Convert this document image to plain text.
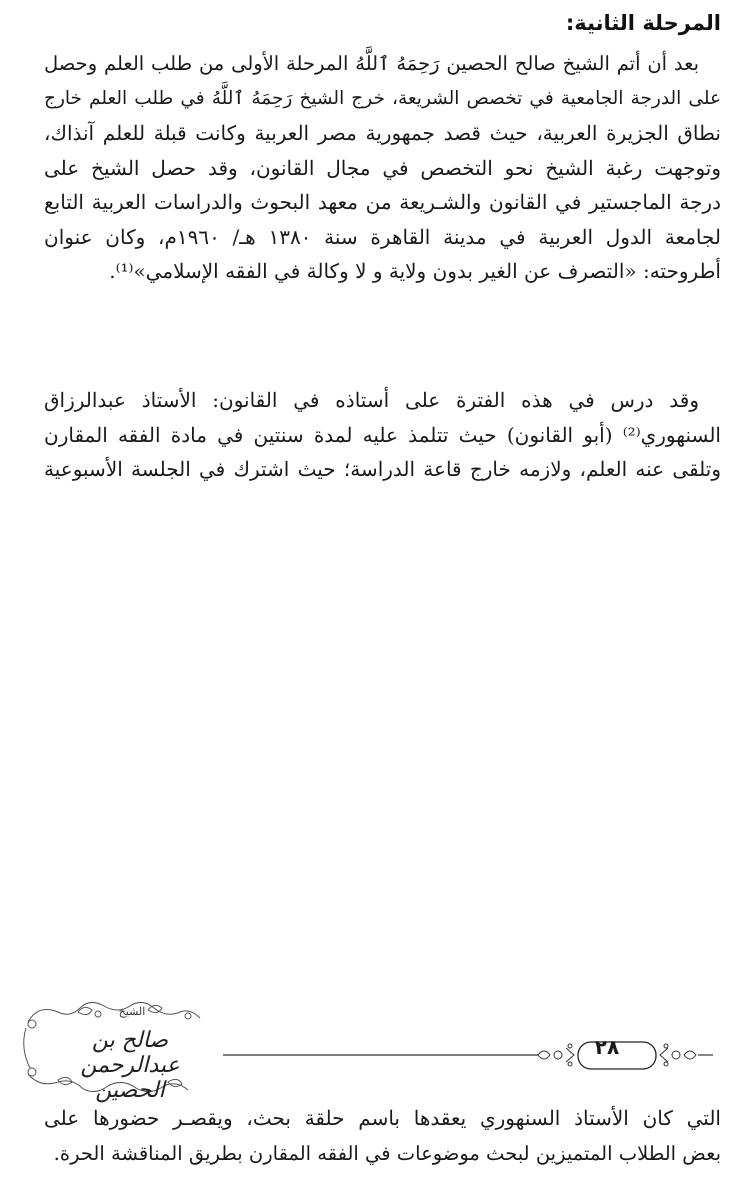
المرحلة الثانية:
بعد أن أتم الشيخ صالح الحصين رَحِمَهُ ٱللَّهُ المرحلة الأولى من طلب العلم وحصل
على الدرجة الجامعية في تخصص الشريعة، خرج الشيخ رَحِمَهُ ٱللَّهُ في طلب العلم خارج
نطاق الجزيرة العربية، حيث قصد جمهورية مصر العربية وكانت قبلة للعلم آنذاك،
وتوجهت رغبة الشيخ نحو التخصص في مجال القانون، وقد حصل الشيخ على
درجة الماجستير في القانون والشـريعة من معهد البحوث والدراسات العربية التابع
لجامعة الدول العربية في مدينة القاهرة سنة ١٣٨٠ هـ/ ١٩٦٠م، وكان عنوان
أطروحته: «التصرف عن الغير بدون ولاية و لا وكالة في الفقه الإسلامي»⁽¹⁾.
وقد درس في هذه الفترة على أستاذه في القانون: الأستاذ عبدالرزاق
السنهوري⁽²⁾ (أبو القانون) حيث تتلمذ عليه لمدة سنتين في مادة الفقه المقارن
وتلقى عنه العلم، ولازمه خارج قاعة الدراسة؛ حيث اشترك في الجلسة الأسبوعية
الشيخ
صالح بن عبدالرحمن الحصين
٢٨
التي كان الأستاذ السنهوري يعقدها باسم حلقة بحث، ويقصـر حضورها على
بعض الطلاب المتميزين لبحث موضوعات في الفقه المقارن بطريق المناقشة الحرة.
